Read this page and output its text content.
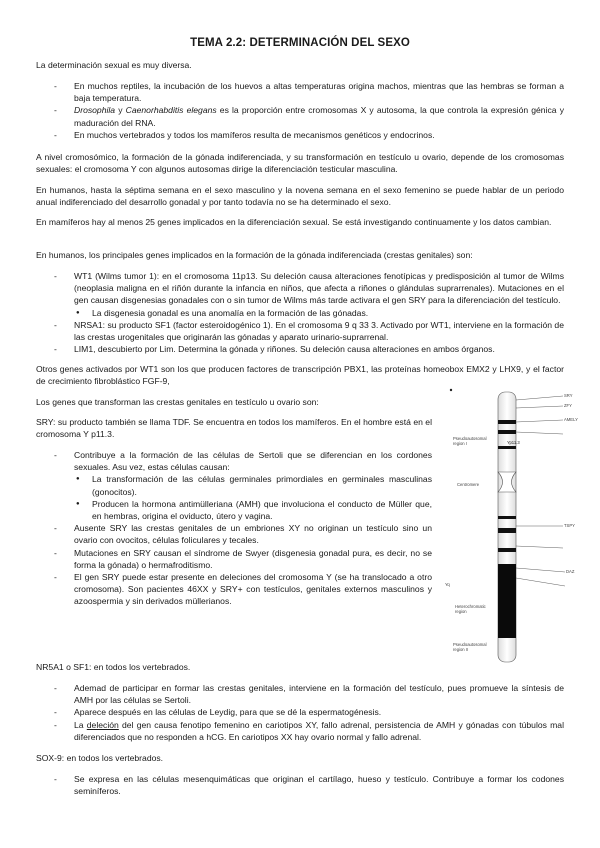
TEMA 2.2: DETERMINACIÓN DEL SEXO

La determinación sexual es muy diversa.

- En muchos reptiles, la incubación de los huevos a altas temperaturas origina machos, mientras que las hembras se forman a baja temperatura.
- Drosophila y Caenorhabditis elegans es la proporción entre cromosomas X y autosoma, la que controla la expresión génica y maduración del RNA.
- En muchos vertebrados y todos los mamíferos resulta de mecanismos genéticos y endocrinos.

A nivel cromosómico, la formación de la gónada indiferenciada, y su transformación en testículo u ovario, depende de los cromosomas sexuales: el cromosoma Y con algunos autosomas dirige la diferenciación testicular masculina.

En humanos, hasta la séptima semana en el sexo masculino y la novena semana en el sexo femenino se puede hablar de un periodo anual indiferenciado del desarrollo gonadal y por tanto todavía no se ha determinado el sexo.

En mamíferos hay al menos 25 genes implicados en la diferenciación sexual. Se está investigando continuamente y los datos cambian.

En humanos, los principales genes implicados en la formación de la gónada indiferenciada (crestas genitales) son:

- WT1 (Wilms tumor 1): en el cromosoma 11p13. Su deleción causa alteraciones fenotípicas y predisposición al tumor de Wilms (neoplasia maligna en el riñón durante la infancia en niños, que afecta a riñones o glándulas suprarrenales). Mutaciones en el gen causan disgenesias gonadales con o sin tumor de Wilms más tarde activara el gen SRY para la diferenciación del testículo.
● La disgenesia gonadal es una anomalía en la formación de las gónadas.
- NRSA1: su producto SF1 (factor esteroidogénico 1). En el cromosoma 9 q 33 3. Activado por WT1, interviene en la formación de las crestas urogenitales que originarán las gónadas y aparato urinario-suprarrenal.
- LIM1, descubierto por Lim. Determina la gónada y riñones. Su deleción causa alteraciones en ambos órganos.

Otros genes activados por WT1 son los que producen factores de transcripción PBX1, las proteínas homeobox EMX2 y LHX9, y el factor de crecimiento fibroblástico FGF-9,

Los genes que transforman las crestas genitales en testículo u ovario son:

SRY: su producto también se llama TDF. Se encuentra en todos los mamíferos. En el hombre está en el cromosoma Y p11.3.

- Contribuye a la formación de las células de Sertoli que se diferencian en los cordones sexuales. Asu vez, estas células causan:
● La transformación de las células germinales primordiales en germinales masculinas (gonocitos).
● Producen la hormona antimülleriana (AMH) que involuciona el conducto de Müller que, en hembras, origina el oviducto, útero y vagina.
- Ausente SRY las crestas genitales de un embriones XY no originan un testículo sino un ovario con ovocitos, células foliculares y tecales.
- Mutaciones en SRY causan el síndrome de Swyer (disgenesia gonadal pura, es decir, no se forma la gónada) o hermafroditismo.
- El gen SRY puede estar presente en deleciones del cromosoma Y (se ha translocado a otro cromosoma). Son pacientes 46XX y SRY+ con testículos, genitales externos masculinos y azoospermia y sin derivados müllerianos.
Pseudoautosomal region I
Centromere
Yq
Heterochromatic region
Pseudoautosomal region II
Yp11.3
SRY
ZFY
AMELY
TSPY
DAZ

NR5A1 o SF1: en todos los vertebrados.

- Ademad de participar en formar las crestas genitales, interviene en la formación del testículo, pues promueve la síntesis de AMH por las células se Sertoli.
- Aparece después en las células de Leydig, para que se dé la espermatogénesis.
- La deleción del gen causa fenotipo femenino en cariotipos XY, fallo adrenal, persistencia de AMH y gónadas con túbulos mal diferenciados que no responden a hCG. En cariotipos XX hay ovario normal y fallo adrenal.

SOX-9: en todos los vertebrados.

- Se expresa en las células mesenquimáticas que originan el cartílago, hueso y testículo. Contribuye a formar los codones seminíferos.
